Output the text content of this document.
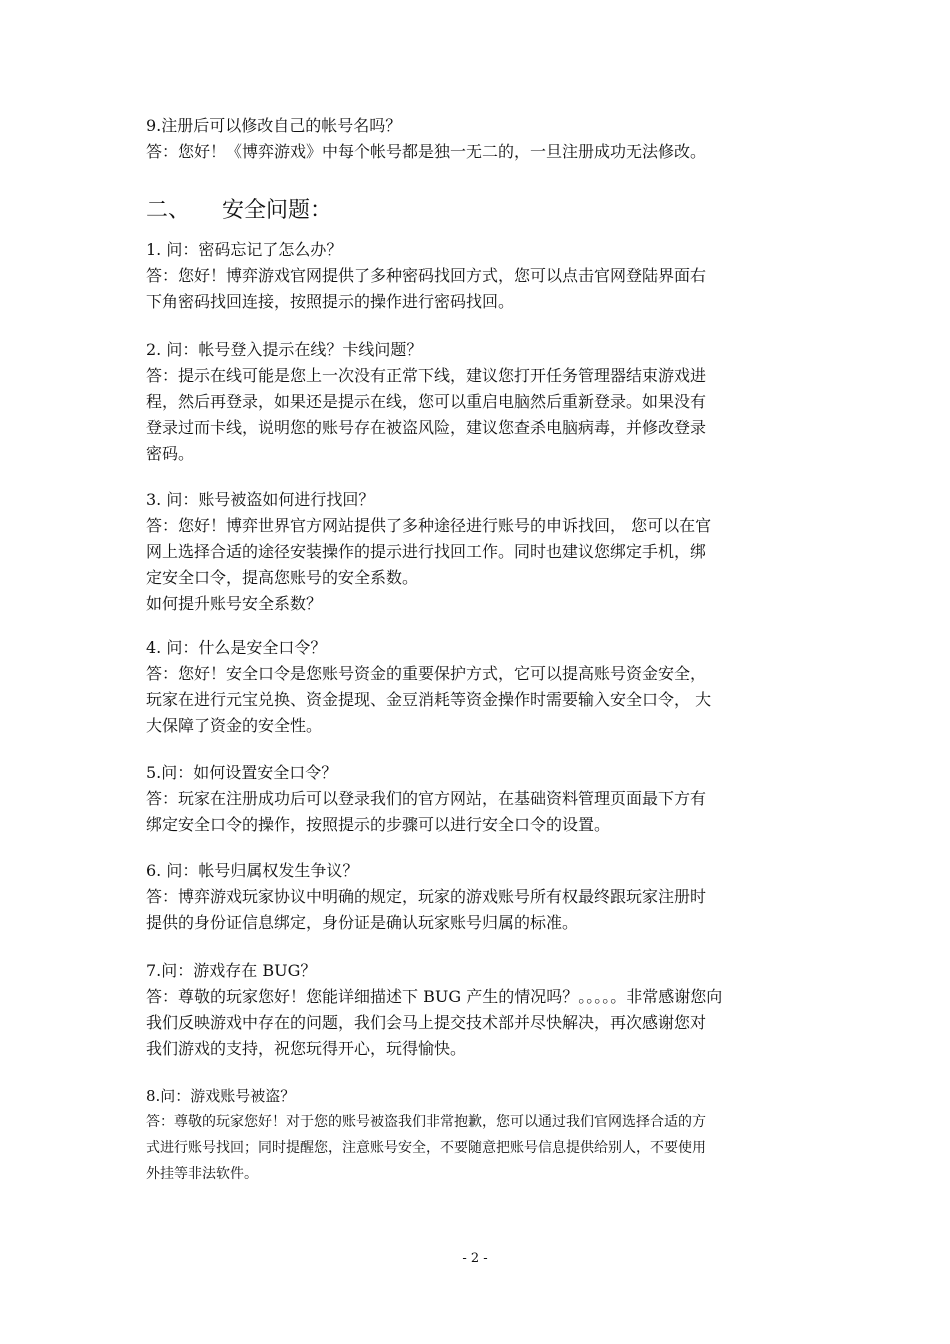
9.注册后可以修改自己的帐号名吗？
答：您好！《博弈游戏》中每个帐号都是独一无二的，一旦注册成功无法修改。
二、 安全问题：
1. 问：密码忘记了怎么办？
答：您好！博弈游戏官网提供了多种密码找回方式，您可以点击官网登陆界面右
下角密码找回连接，按照提示的操作进行密码找回。
2. 问：帐号登入提示在线？卡线问题？
答：提示在线可能是您上一次没有正常下线，建议您打开任务管理器结束游戏进
程，然后再登录，如果还是提示在线，您可以重启电脑然后重新登录。如果没有
登录过而卡线，说明您的账号存在被盗风险，建议您查杀电脑病毒，并修改登录
密码。
3. 问：账号被盗如何进行找回？
答：您好！博弈世界官方网站提供了多种途径进行账号的申诉找回， 您可以在官
网上选择合适的途径安装操作的提示进行找回工作。同时也建议您绑定手机，绑
定安全口令，提高您账号的安全系数。
如何提升账号安全系数？
4. 问：什么是安全口令？
答：您好！安全口令是您账号资金的重要保护方式，它可以提高账号资金安全，
玩家在进行元宝兑换、资金提现、金豆消耗等资金操作时需要输入安全口令， 大
大保障了资金的安全性。
5.问：如何设置安全口令？
答：玩家在注册成功后可以登录我们的官方网站，在基础资料管理页面最下方有
绑定安全口令的操作，按照提示的步骤可以进行安全口令的设置。
6. 问：帐号归属权发生争议？
答：博弈游戏玩家协议中明确的规定，玩家的游戏账号所有权最终跟玩家注册时
提供的身份证信息绑定，身份证是确认玩家账号归属的标准。
7.问：游戏存在 BUG？
答：尊敬的玩家您好！您能详细描述下 BUG 产生的情况吗？。。。。。非常感谢您向
我们反映游戏中存在的问题，我们会马上提交技术部并尽快解决，再次感谢您对
我们游戏的支持，祝您玩得开心，玩得愉快。
8.问：游戏账号被盗？
答：尊敬的玩家您好！对于您的账号被盗我们非常抱歉，您可以通过我们官网选择合适的方
式进行账号找回；同时提醒您，注意账号安全，不要随意把账号信息提供给别人，不要使用
外挂等非法软件。
- 2 -
